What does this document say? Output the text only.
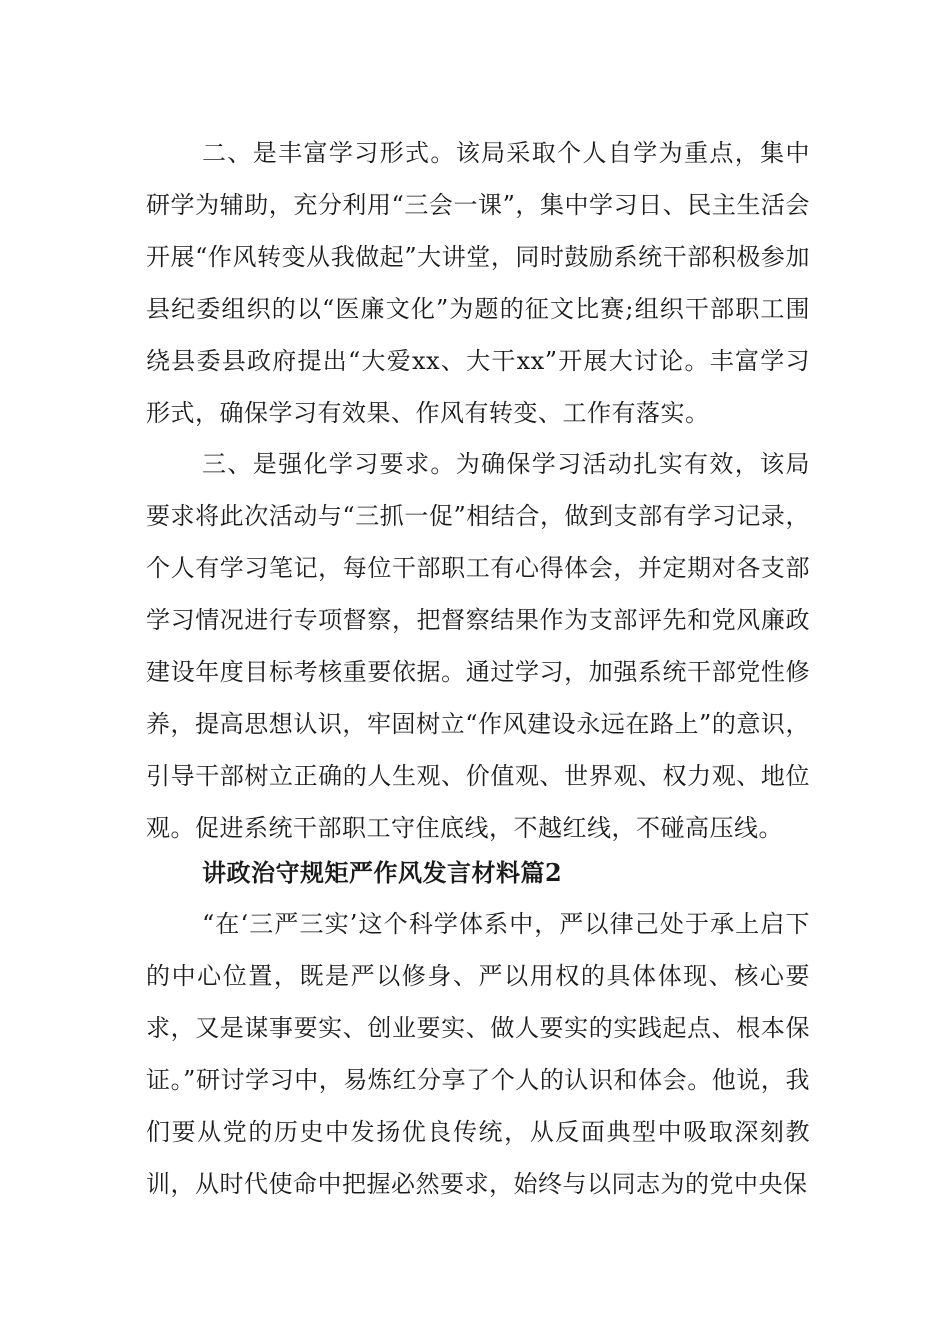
二、是丰富学习形式。该局采取个人自学为重点，集中研学为辅助，充分利用“三会一课”，集中学习日、民主生活会开展“作风转变从我做起”大讲堂，同时鼓励系统干部积极参加县纪委组织的以“医廉文化”为题的征文比赛;组织干部职工围绕县委县政府提出“大爱xx、大干xx”开展大讨论。丰富学习形式，确保学习有效果、作风有转变、工作有落实。

三、是强化学习要求。为确保学习活动扎实有效，该局要求将此次活动与“三抓一促”相结合，做到支部有学习记录，个人有学习笔记，每位干部职工有心得体会，并定期对各支部学习情况进行专项督察，把督察结果作为支部评先和党风廉政建设年度目标考核重要依据。通过学习，加强系统干部党性修养，提高思想认识，牢固树立“作风建设永远在路上”的意识，引导干部树立正确的人生观、价值观、世界观、权力观、地位观。促进系统干部职工守住底线，不越红线，不碰高压线。

讲政治守规矩严作风发言材料篇2

“在‘三严三实’这个科学体系中，严以律己处于承上启下的中心位置，既是严以修身、严以用权的具体体现、核心要求，又是谋事要实、创业要实、做人要实的实践起点、根本保证。”研讨学习中，易炼红分享了个人的认识和体会。他说，我们要从党的历史中发扬优良传统，从反面典型中吸取深刻教训，从时代使命中把握必然要求，始终与以同志为的党中央保
